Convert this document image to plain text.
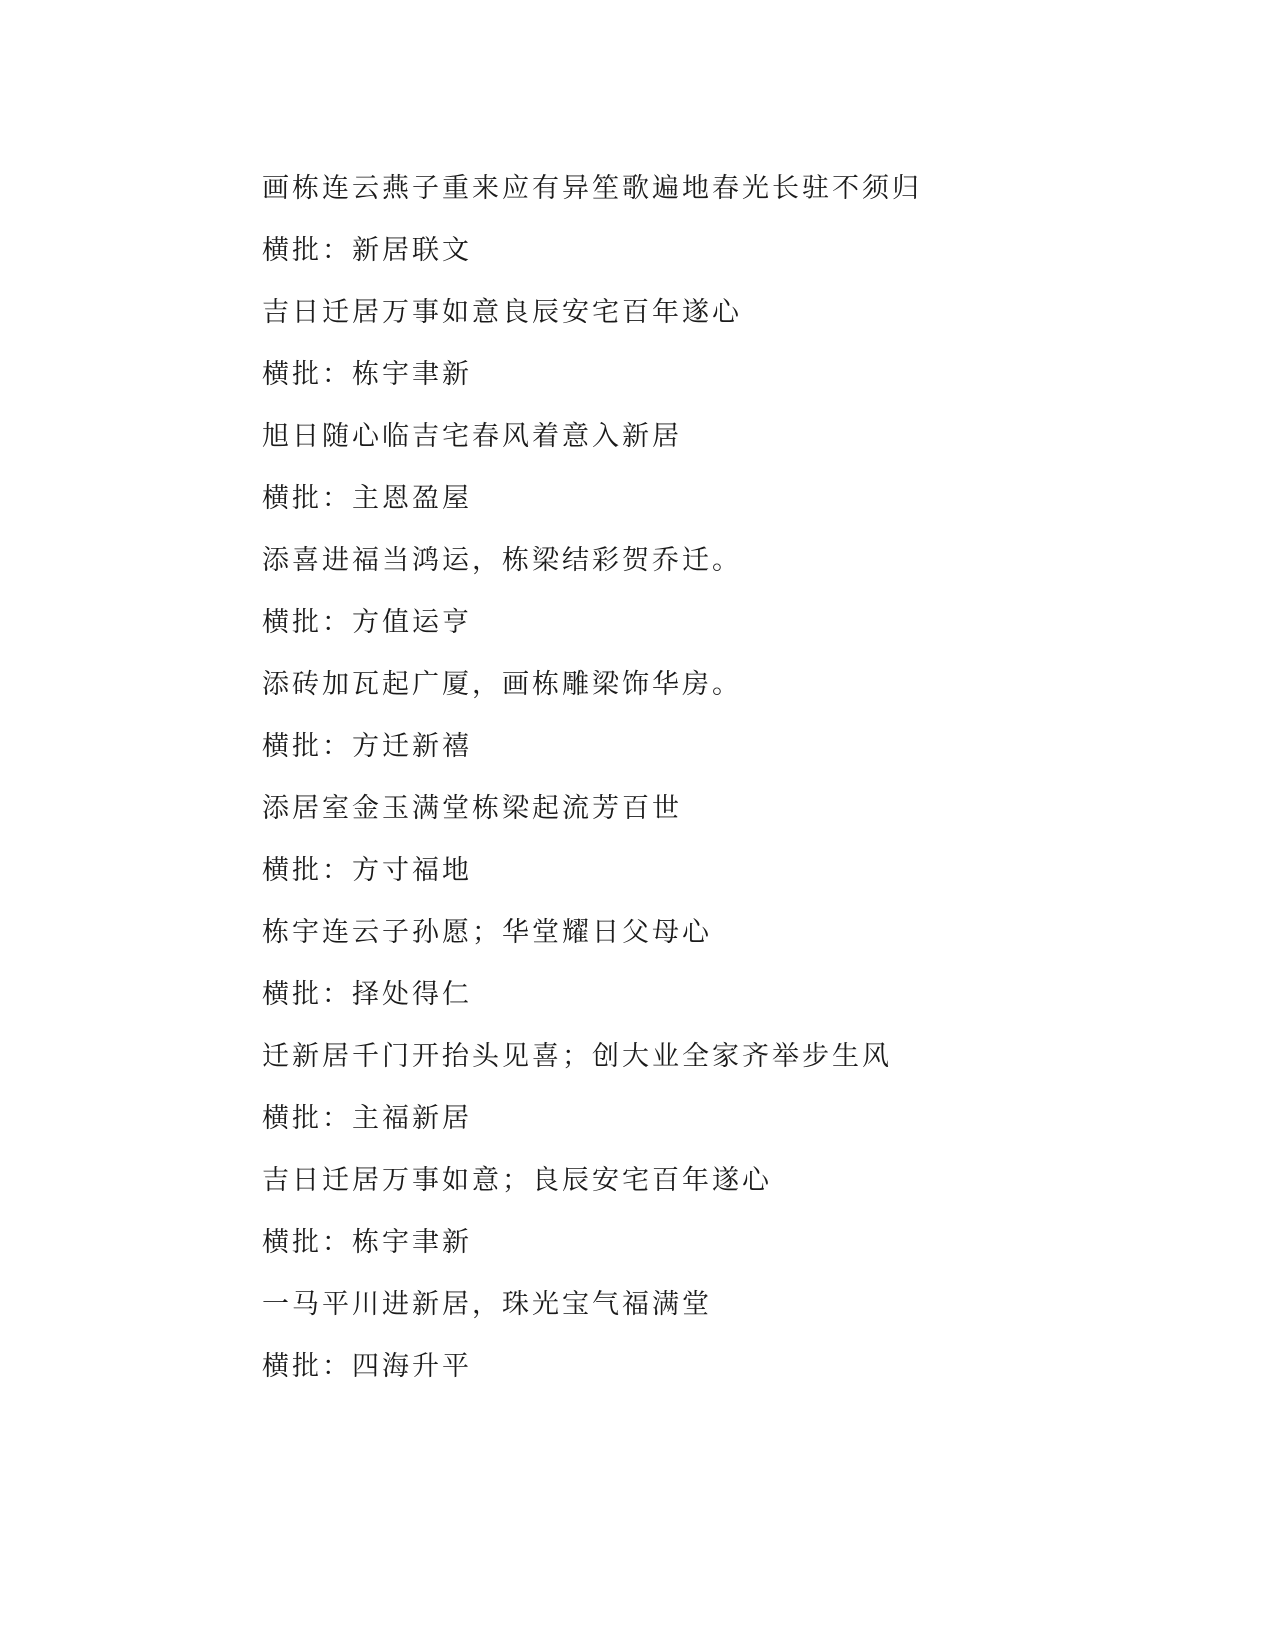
画栋连云燕子重来应有异笙歌遍地春光长驻不须归

横批：新居联文

吉日迁居万事如意良辰安宅百年遂心

横批：栋宇聿新

旭日随心临吉宅春风着意入新居

横批：主恩盈屋

添喜进福当鸿运，栋梁结彩贺乔迁。

横批：方值运亨

添砖加瓦起广厦，画栋雕梁饰华房。

横批：方迁新禧

添居室金玉满堂栋梁起流芳百世

横批：方寸福地

栋宇连云子孙愿；华堂耀日父母心

横批：择处得仁

迁新居千门开抬头见喜；创大业全家齐举步生风

横批：主福新居

吉日迁居万事如意；良辰安宅百年遂心

横批：栋宇聿新

一马平川进新居，珠光宝气福满堂

横批：四海升平
